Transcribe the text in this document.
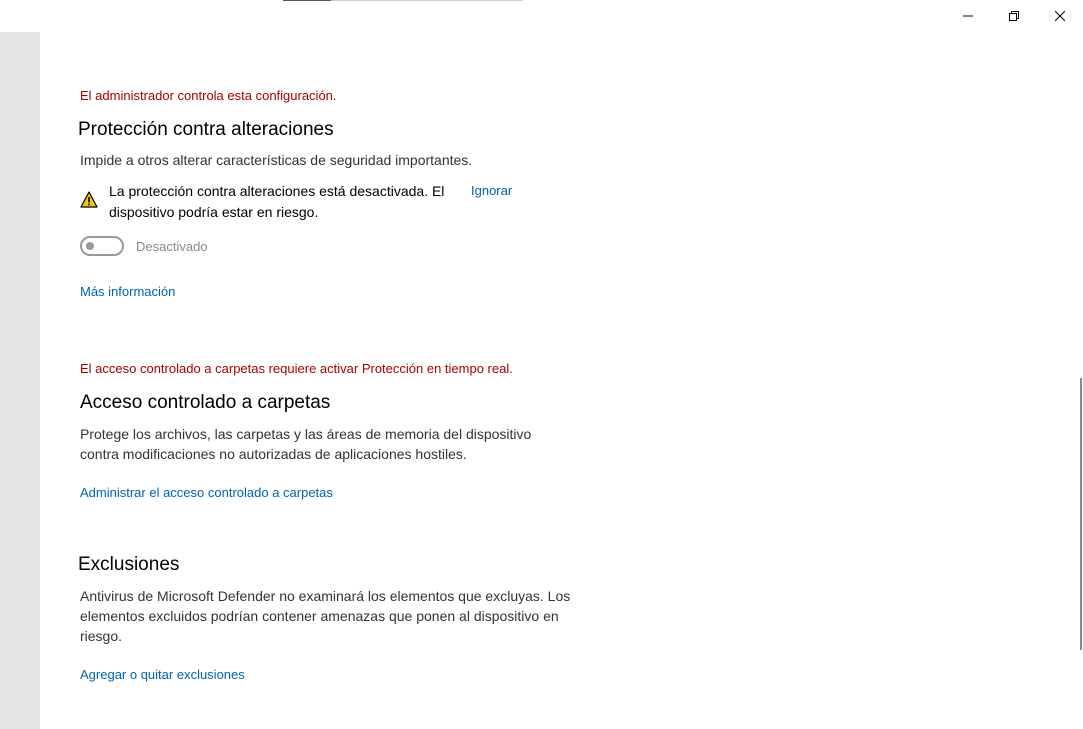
El administrador controla esta configuración.
Protección contra alteraciones
Impide a otros alterar características de seguridad importantes.
La protección contra alteraciones está desactivada. El dispositivo podría estar en riesgo.
Ignorar
Desactivado
Más información
El acceso controlado a carpetas requiere activar Protección en tiempo real.
Acceso controlado a carpetas
Protege los archivos, las carpetas y las áreas de memoria del dispositivo contra modificaciones no autorizadas de aplicaciones hostiles.
Administrar el acceso controlado a carpetas
Exclusiones
Antivirus de Microsoft Defender no examinará los elementos que excluyas. Los elementos excluidos podrían contener amenazas que ponen al dispositivo en riesgo.
Agregar o quitar exclusiones
